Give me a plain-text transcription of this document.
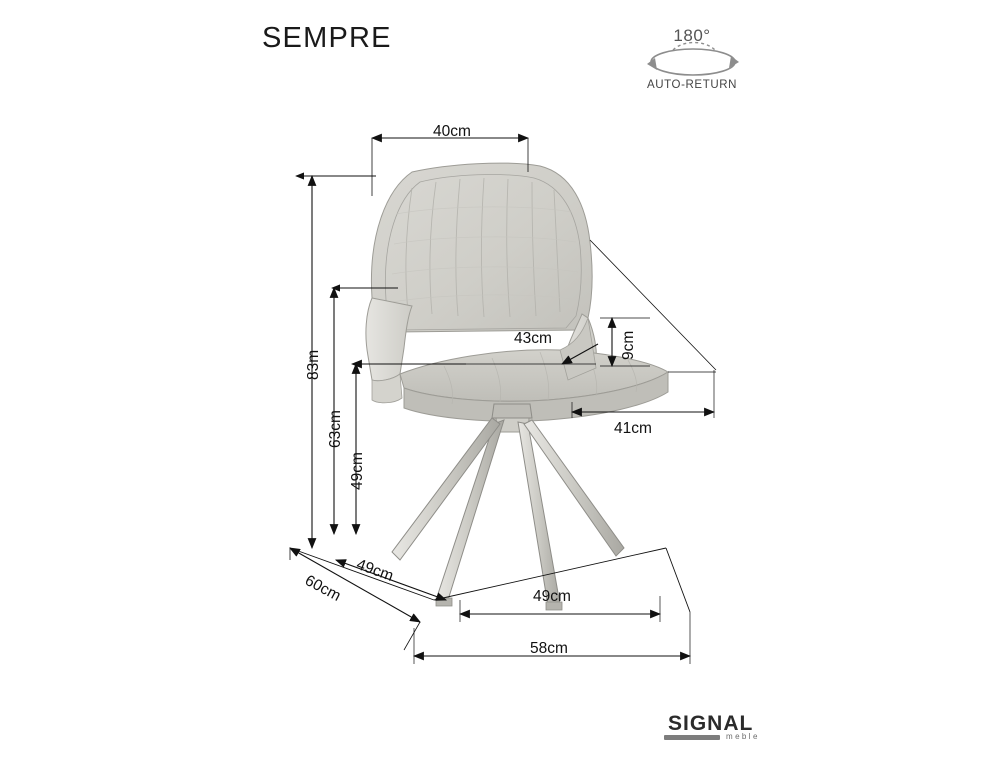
SEMPRE	180°
AUTO-RETURN
40cm
43cm	9cm
41cm
83m
63cm
49cm
49cm
60cm	49cm
58cm
SIGNAL
meble
